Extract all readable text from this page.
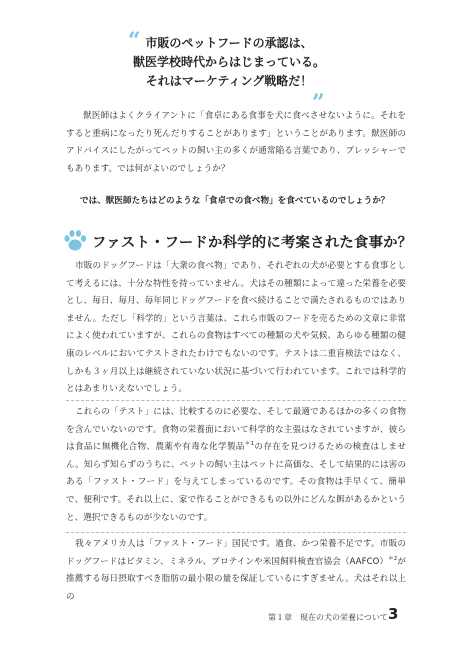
“ 市販のペットフードの承認は、
獣医学校時代からはじまっている。
それはマーケティング戦略だ！
”

獣医師はよくクライアントに「食卓にある食事を犬に食べさせないように。それをすると重病になったり死んだりすることがあります」ということがあります。獣医師のアドバイスにしたがってペットの飼い主の多くが通常陥る言葉であり、プレッシャーでもあります。では何がよいのでしょうか？

では、獣医師たちはどのような「食卓での食べ物」を食べているのでしょうか？
ファスト・フードか科学的に考案された食事か？

市販のドッグフードは「大衆の食べ物」であり、それぞれの犬が必要とする食事として考えるには、十分な特性を持っていません。犬はその種類によって違った栄養を必要とし、毎日、毎月、毎年同じドッグフードを食べ続けることで満たされるものではありません。ただし「科学的」という言葉は、これら市販のフードを売るための文章に非常によく使われていますが、これらの食物はすべての種類の犬や気候、あらゆる種類の健康のレベルにおいてテストされたわけでもないのです。テストは二重盲検法ではなく、しかも３ヶ月以上は継続されていない状況に基づいて行われています。これでは科学的とはあまりいえないでしょう。

これらの「テスト」には、比較するのに必要な、そして最適であるほかの多くの食物を含んでいないのです。食物の栄養面において科学的な主張はなされていますが、彼らは食品に無機化合物、農薬や有毒な化学製品$^{*1}$の存在を見つけるための検査はしません。知らず知らずのうちに、ペットの飼い主はペットに高価な、そして結果的には害のある「ファスト・フード」を与えてしまっているのです。その食物は手早くて、簡単で、便利です。それ以上に、家で作ることができるもの以外にどんな餌があるかというと、選択できるものが少ないのです。

我々アメリカ人は「ファスト・フード」国民です。過食、かつ栄養不足です。市販のドッグフードはビタミン、ミネラル、プロテインや米国飼料検査官協会（AAFCO）$^{*2}$が推薦する毎日摂取すべき脂肪の最小限の量を保証しているにすぎません。犬はそれ以上の

第１章　現在の犬の栄養について 3
